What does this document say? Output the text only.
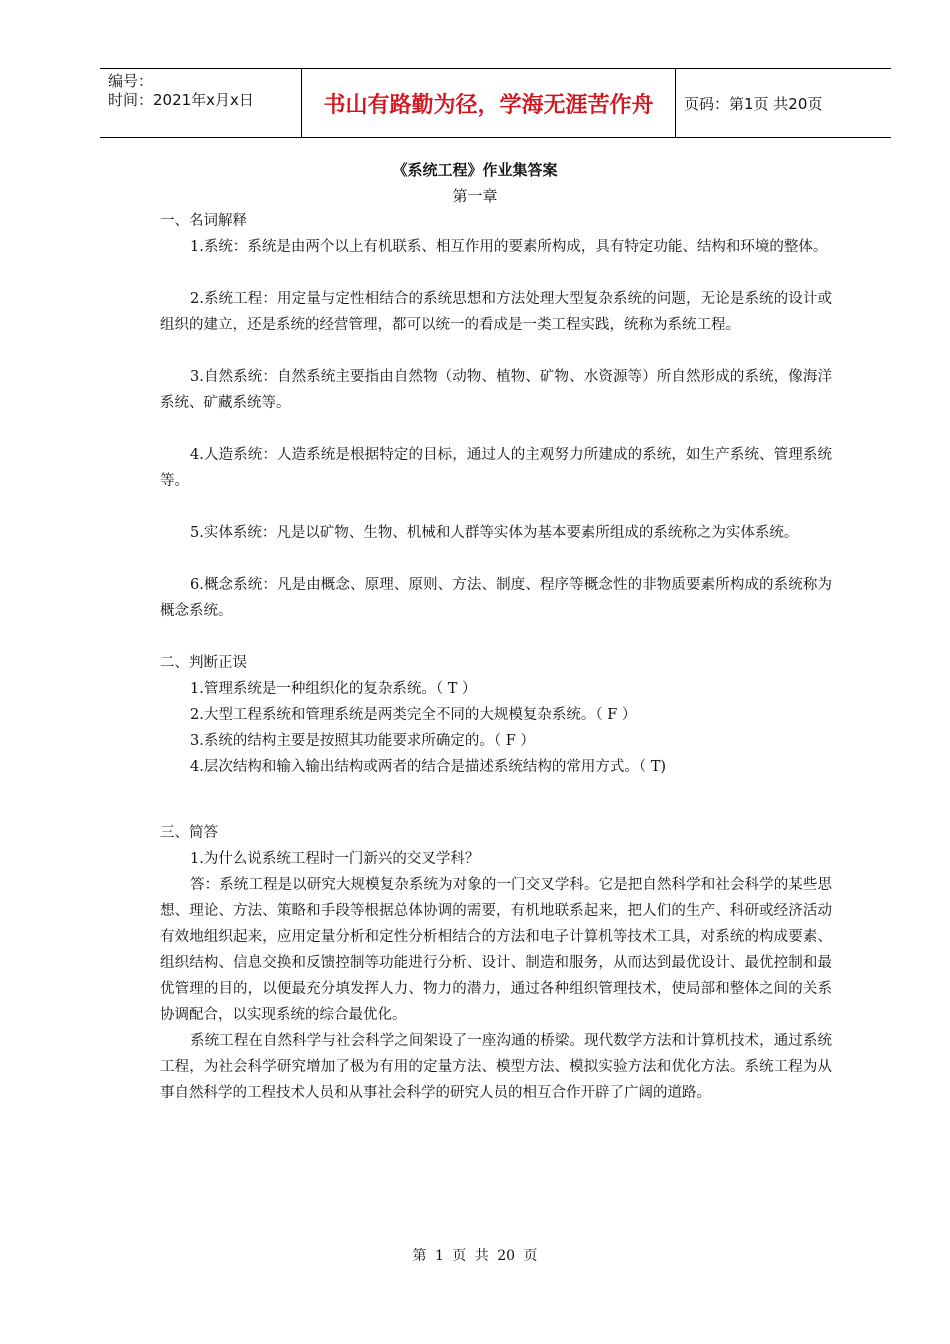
编号：
时间：2021年x月x日	书山有路勤为径，学海无涯苦作舟	页码：第1页 共20页
《系统工程》作业集答案
第一章

一、名词解释

1.系统：系统是由两个以上有机联系、相互作用的要素所构成，具有特定功能、结构和环境的整体。

2.系统工程：用定量与定性相结合的系统思想和方法处理大型复杂系统的问题，无论是系统的设计或组织的建立，还是系统的经营管理，都可以统一的看成是一类工程实践，统称为系统工程。

3.自然系统：自然系统主要指由自然物（动物、植物、矿物、水资源等）所自然形成的系统，像海洋系统、矿藏系统等。

4.人造系统：人造系统是根据特定的目标，通过人的主观努力所建成的系统，如生产系统、管理系统等。

5.实体系统：凡是以矿物、生物、机械和人群等实体为基本要素所组成的系统称之为实体系统。

6.概念系统：凡是由概念、原理、原则、方法、制度、程序等概念性的非物质要素所构成的系统称为概念系统。

二、判断正误

1.管理系统是一种组织化的复杂系统。（ T ）

2.大型工程系统和管理系统是两类完全不同的大规模复杂系统。（ F ）

3.系统的结构主要是按照其功能要求所确定的。（ F ）

4.层次结构和输入输出结构或两者的结合是描述系统结构的常用方式。（ T)

三、简答

1.为什么说系统工程时一门新兴的交叉学科？

答：系统工程是以研究大规模复杂系统为对象的一门交叉学科。它是把自然科学和社会科学的某些思想、理论、方法、策略和手段等根据总体协调的需要，有机地联系起来，把人们的生产、科研或经济活动有效地组织起来，应用定量分析和定性分析相结合的方法和电子计算机等技术工具，对系统的构成要素、组织结构、信息交换和反馈控制等功能进行分析、设计、制造和服务，从而达到最优设计、最优控制和最优管理的目的，以便最充分填发挥人力、物力的潜力，通过各种组织管理技术，使局部和整体之间的关系协调配合，以实现系统的综合最优化。

系统工程在自然科学与社会科学之间架设了一座沟通的桥梁。现代数学方法和计算机技术，通过系统工程，为社会科学研究增加了极为有用的定量方法、模型方法、模拟实验方法和优化方法。系统工程为从事自然科学的工程技术人员和从事社会科学的研究人员的相互合作开辟了广阔的道路。

第 1 页 共 20 页
